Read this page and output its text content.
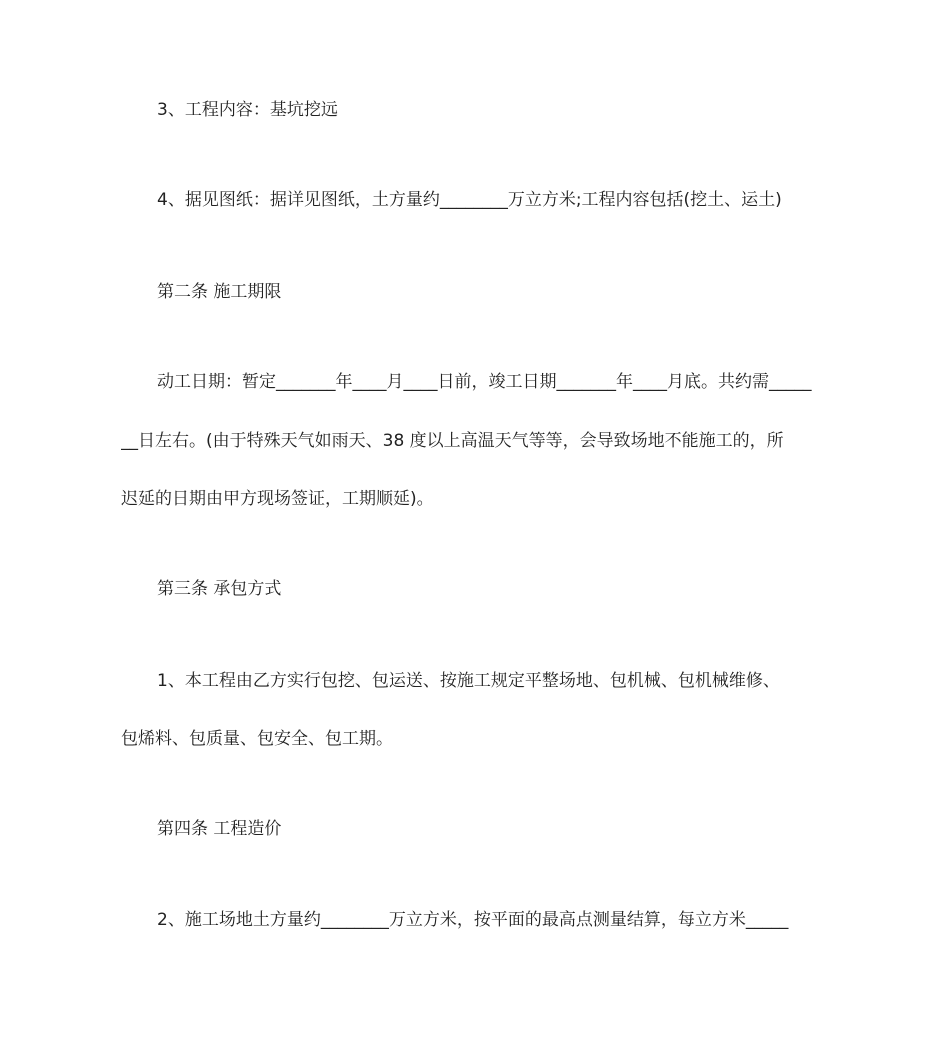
3、工程内容：基坑挖远
4、据见图纸：据详见图纸，土方量约________万立方米;工程内容包括(挖土、运土)
第二条 施工期限
动工日期：暂定_______年____月____日前，竣工日期_______年____月底。共约需_____
__日左右。(由于特殊天气如雨天、38 度以上高温天气等等，会导致场地不能施工的，所
迟延的日期由甲方现场签证，工期顺延)。
第三条 承包方式
1、本工程由乙方实行包挖、包运送、按施工规定平整场地、包机械、包机械维修、
包烯料、包质量、包安全、包工期。
第四条 工程造价
2、施工场地土方量约________万立方米，按平面的最高点测量结算，每立方米_____
